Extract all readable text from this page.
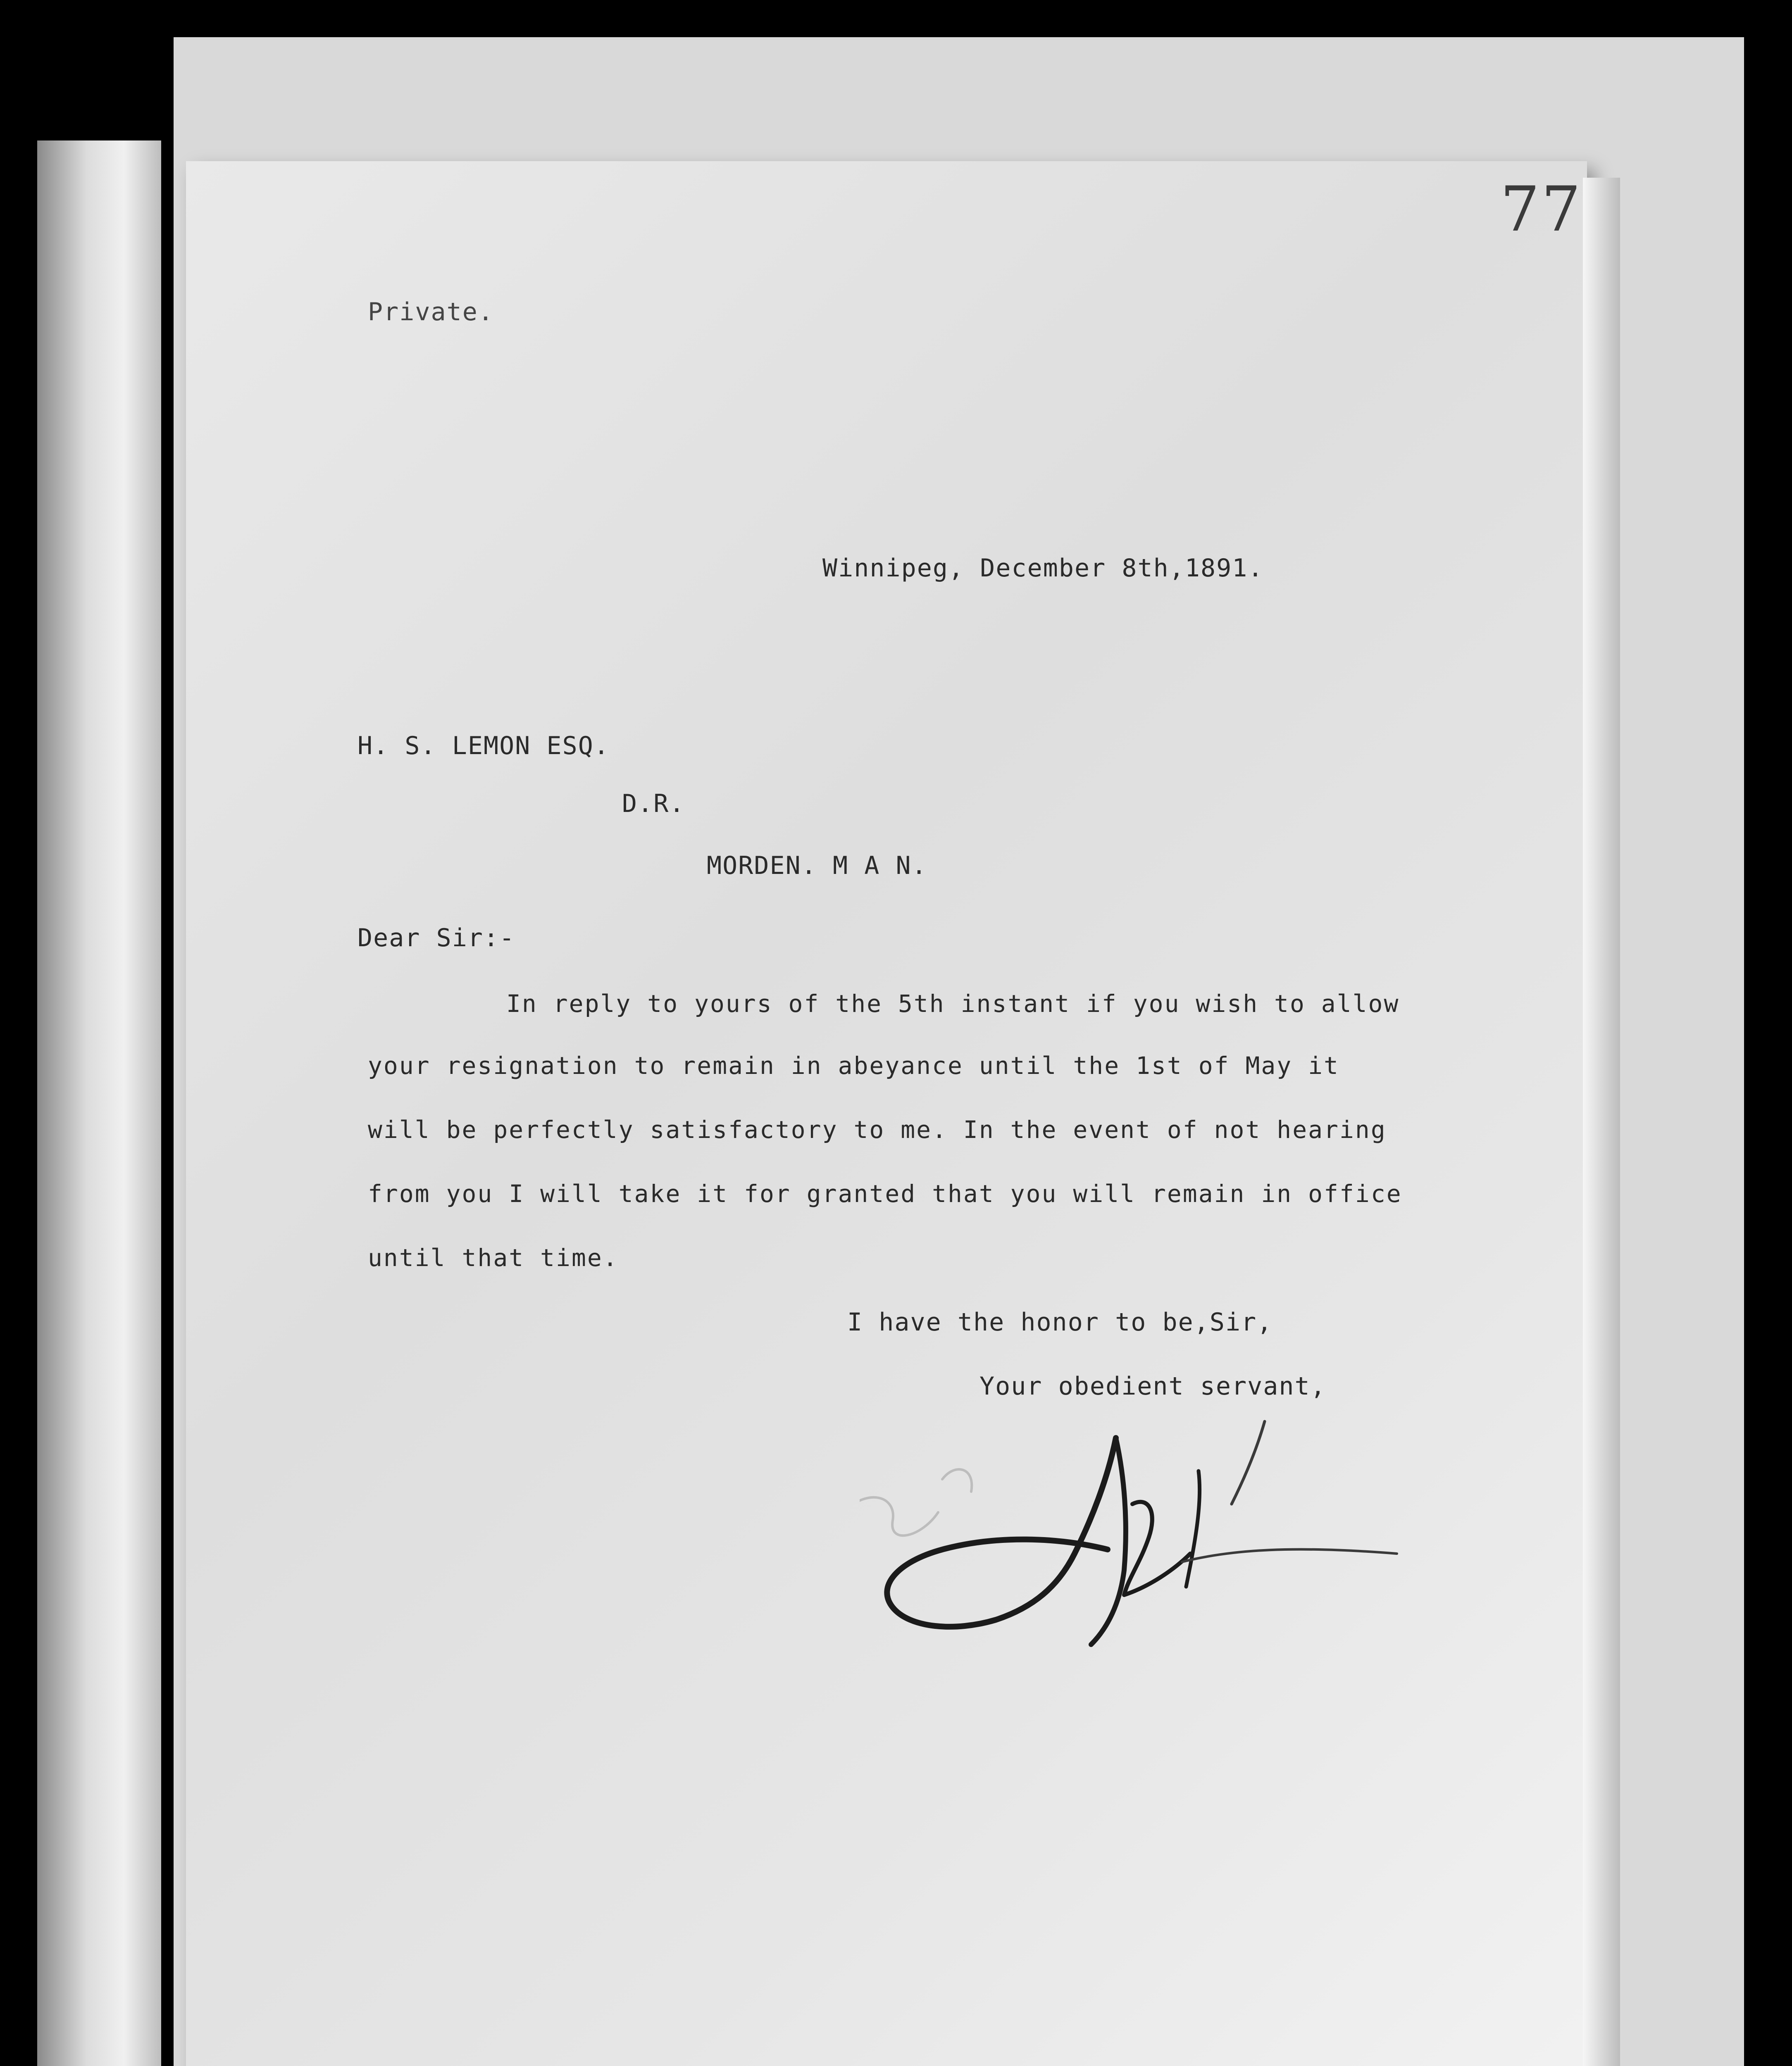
77
Private.
Winnipeg, December 8th,1891.
H. S. LEMON ESQ.
D.R.
MORDEN. M A N.
Dear Sir:-
In reply to yours of the 5th instant if you wish to allow
your resignation to remain in abeyance until the 1st of May it
will be perfectly satisfactory to me. In the event of not hearing
from you I will take it for granted that you will remain in office
until that time.
I have the honor to be,Sir,
Your obedient servant,
